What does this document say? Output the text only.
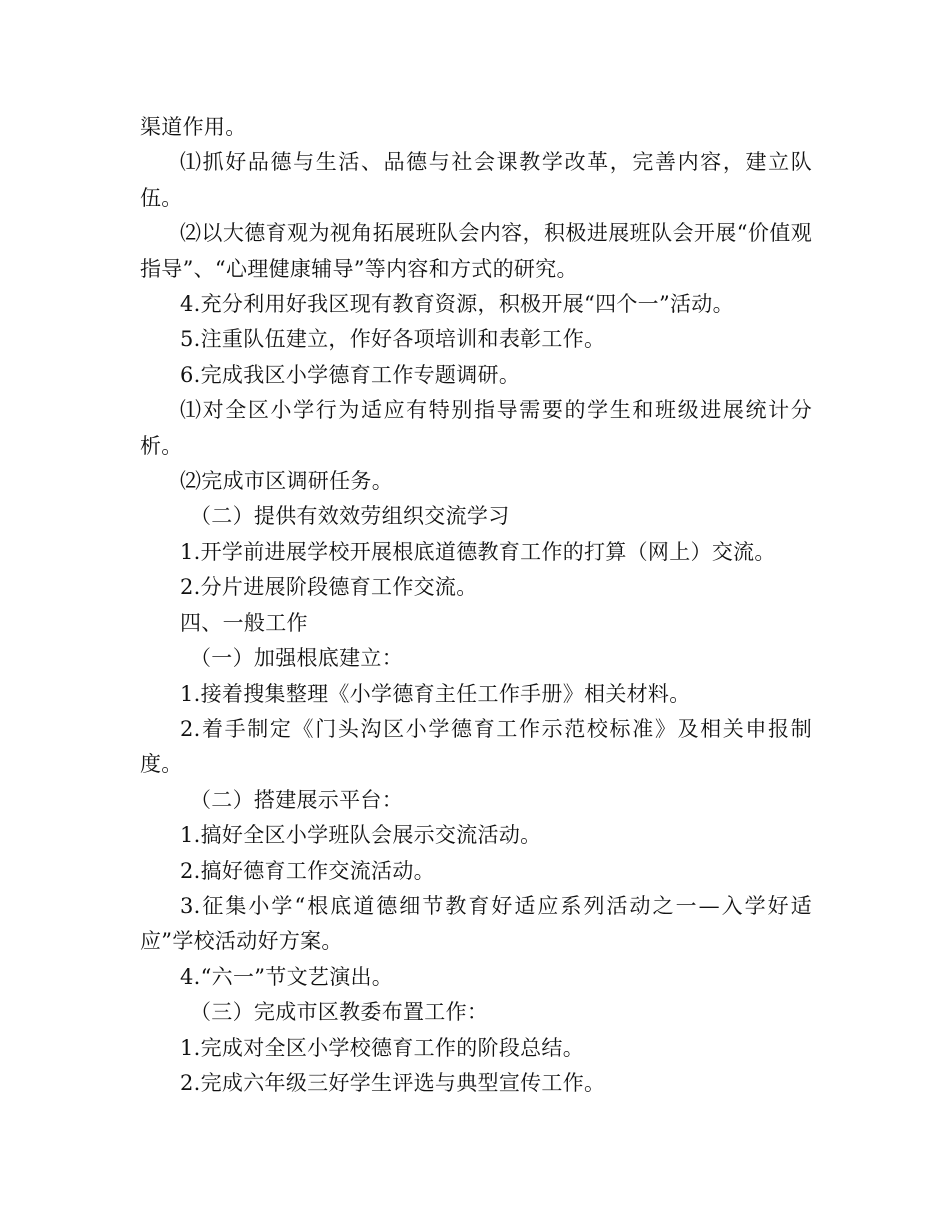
渠道作用。

⑴抓好品德与生活、品德与社会课教学改革，完善内容，建立队伍。

⑵以大德育观为视角拓展班队会内容，积极进展班队会开展“价值观指导”、“心理健康辅导”等内容和方式的研究。

4.充分利用好我区现有教育资源，积极开展“四个一”活动。

5.注重队伍建立，作好各项培训和表彰工作。

6.完成我区小学德育工作专题调研。

⑴对全区小学行为适应有特别指导需要的学生和班级进展统计分析。

⑵完成市区调研任务。

（二）提供有效效劳组织交流学习

1.开学前进展学校开展根底道德教育工作的打算（网上）交流。

2.分片进展阶段德育工作交流。

四、一般工作

（一）加强根底建立：

1.接着搜集整理《小学德育主任工作手册》相关材料。

2.着手制定《门头沟区小学德育工作示范校标准》及相关申报制度。

（二）搭建展示平台：

1.搞好全区小学班队会展示交流活动。

2.搞好德育工作交流活动。

3.征集小学“根底道德细节教育好适应系列活动之一—入学好适应”学校活动好方案。

4.“六一”节文艺演出。

（三）完成市区教委布置工作：

1.完成对全区小学校德育工作的阶段总结。

2.完成六年级三好学生评选与典型宣传工作。
